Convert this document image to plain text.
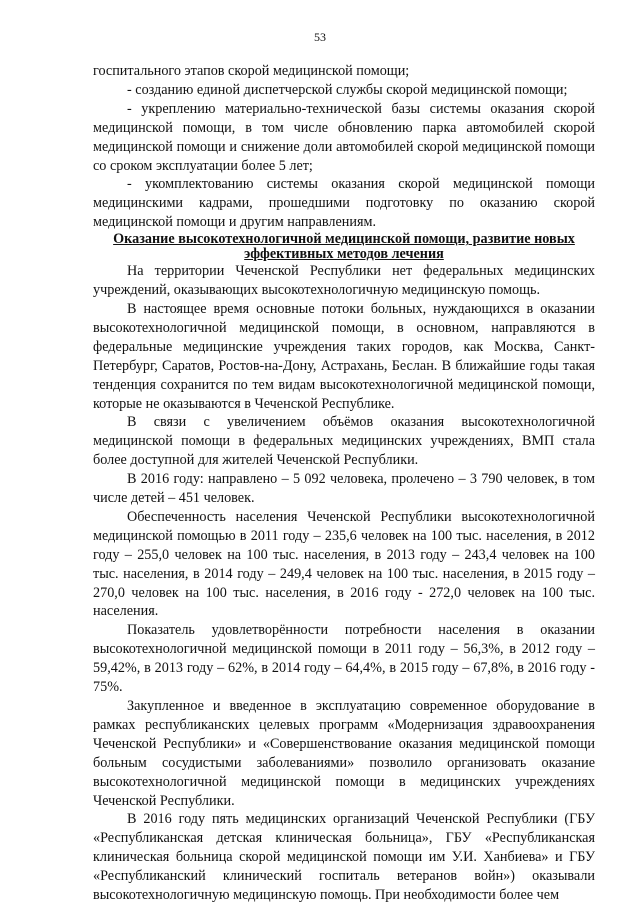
53

госпитального этапов скорой медицинской помощи;

- созданию единой диспетчерской службы скорой медицинской помощи;

- укреплению материально-технической базы системы оказания скорой медицинской помощи, в том числе обновлению парка автомобилей скорой медицинской помощи и снижение доли автомобилей скорой медицинской помощи со сроком эксплуатации более 5 лет;

- укомплектованию системы оказания скорой медицинской помощи медицинскими кадрами, прошедшими подготовку по оказанию скорой медицинской помощи и другим направлениям.

Оказание высокотехнологичной медицинской помощи, развитие новых эффективных методов лечения

На территории Чеченской Республики нет федеральных медицинских учреждений, оказывающих высокотехнологичную медицинскую помощь.

В настоящее время основные потоки больных, нуждающихся в оказании высокотехнологичной медицинской помощи, в основном, направляются в федеральные медицинские учреждения таких городов, как Москва, Санкт-Петербург, Саратов, Ростов-на-Дону, Астрахань, Беслан. В ближайшие годы такая тенденция сохранится по тем видам высокотехнологичной медицинской помощи, которые не оказываются в Чеченской Республике.

В связи с увеличением объёмов оказания высокотехнологичной медицинской помощи в федеральных медицинских учреждениях, ВМП стала более доступной для жителей Чеченской Республики.

В 2016 году: направлено – 5 092 человека, пролечено – 3 790 человек, в том числе детей – 451 человек.

Обеспеченность населения Чеченской Республики высокотехнологичной медицинской помощью в 2011 году – 235,6 человек на 100 тыс. населения, в 2012 году – 255,0 человек на 100 тыс. населения, в 2013 году – 243,4 человек на 100 тыс. населения, в 2014 году – 249,4 человек на 100 тыс. населения, в 2015 году – 270,0 человек на 100 тыс. населения, в 2016 году - 272,0 человек на 100 тыс. населения.

Показатель удовлетворённости потребности населения в оказании высокотехнологичной медицинской помощи в 2011 году – 56,3%, в 2012 году – 59,42%, в 2013 году – 62%, в 2014 году – 64,4%, в 2015 году – 67,8%, в 2016 году - 75%.

Закупленное и введенное в эксплуатацию современное оборудование в рамках республиканских целевых программ «Модернизация здравоохранения Чеченской Республики» и «Совершенствование оказания медицинской помощи больным сосудистыми заболеваниями» позволило организовать оказание высокотехнологичной медицинской помощи в медицинских учреждениях Чеченской Республики.

В 2016 году пять медицинских организаций Чеченской Республики (ГБУ «Республиканская детская клиническая больница», ГБУ «Республиканская клиническая больница скорой медицинской помощи им У.И. Ханбиева» и ГБУ «Республиканский клинический госпиталь ветеранов войн») оказывали высокотехнологичную медицинскую помощь. При необходимости более чем
